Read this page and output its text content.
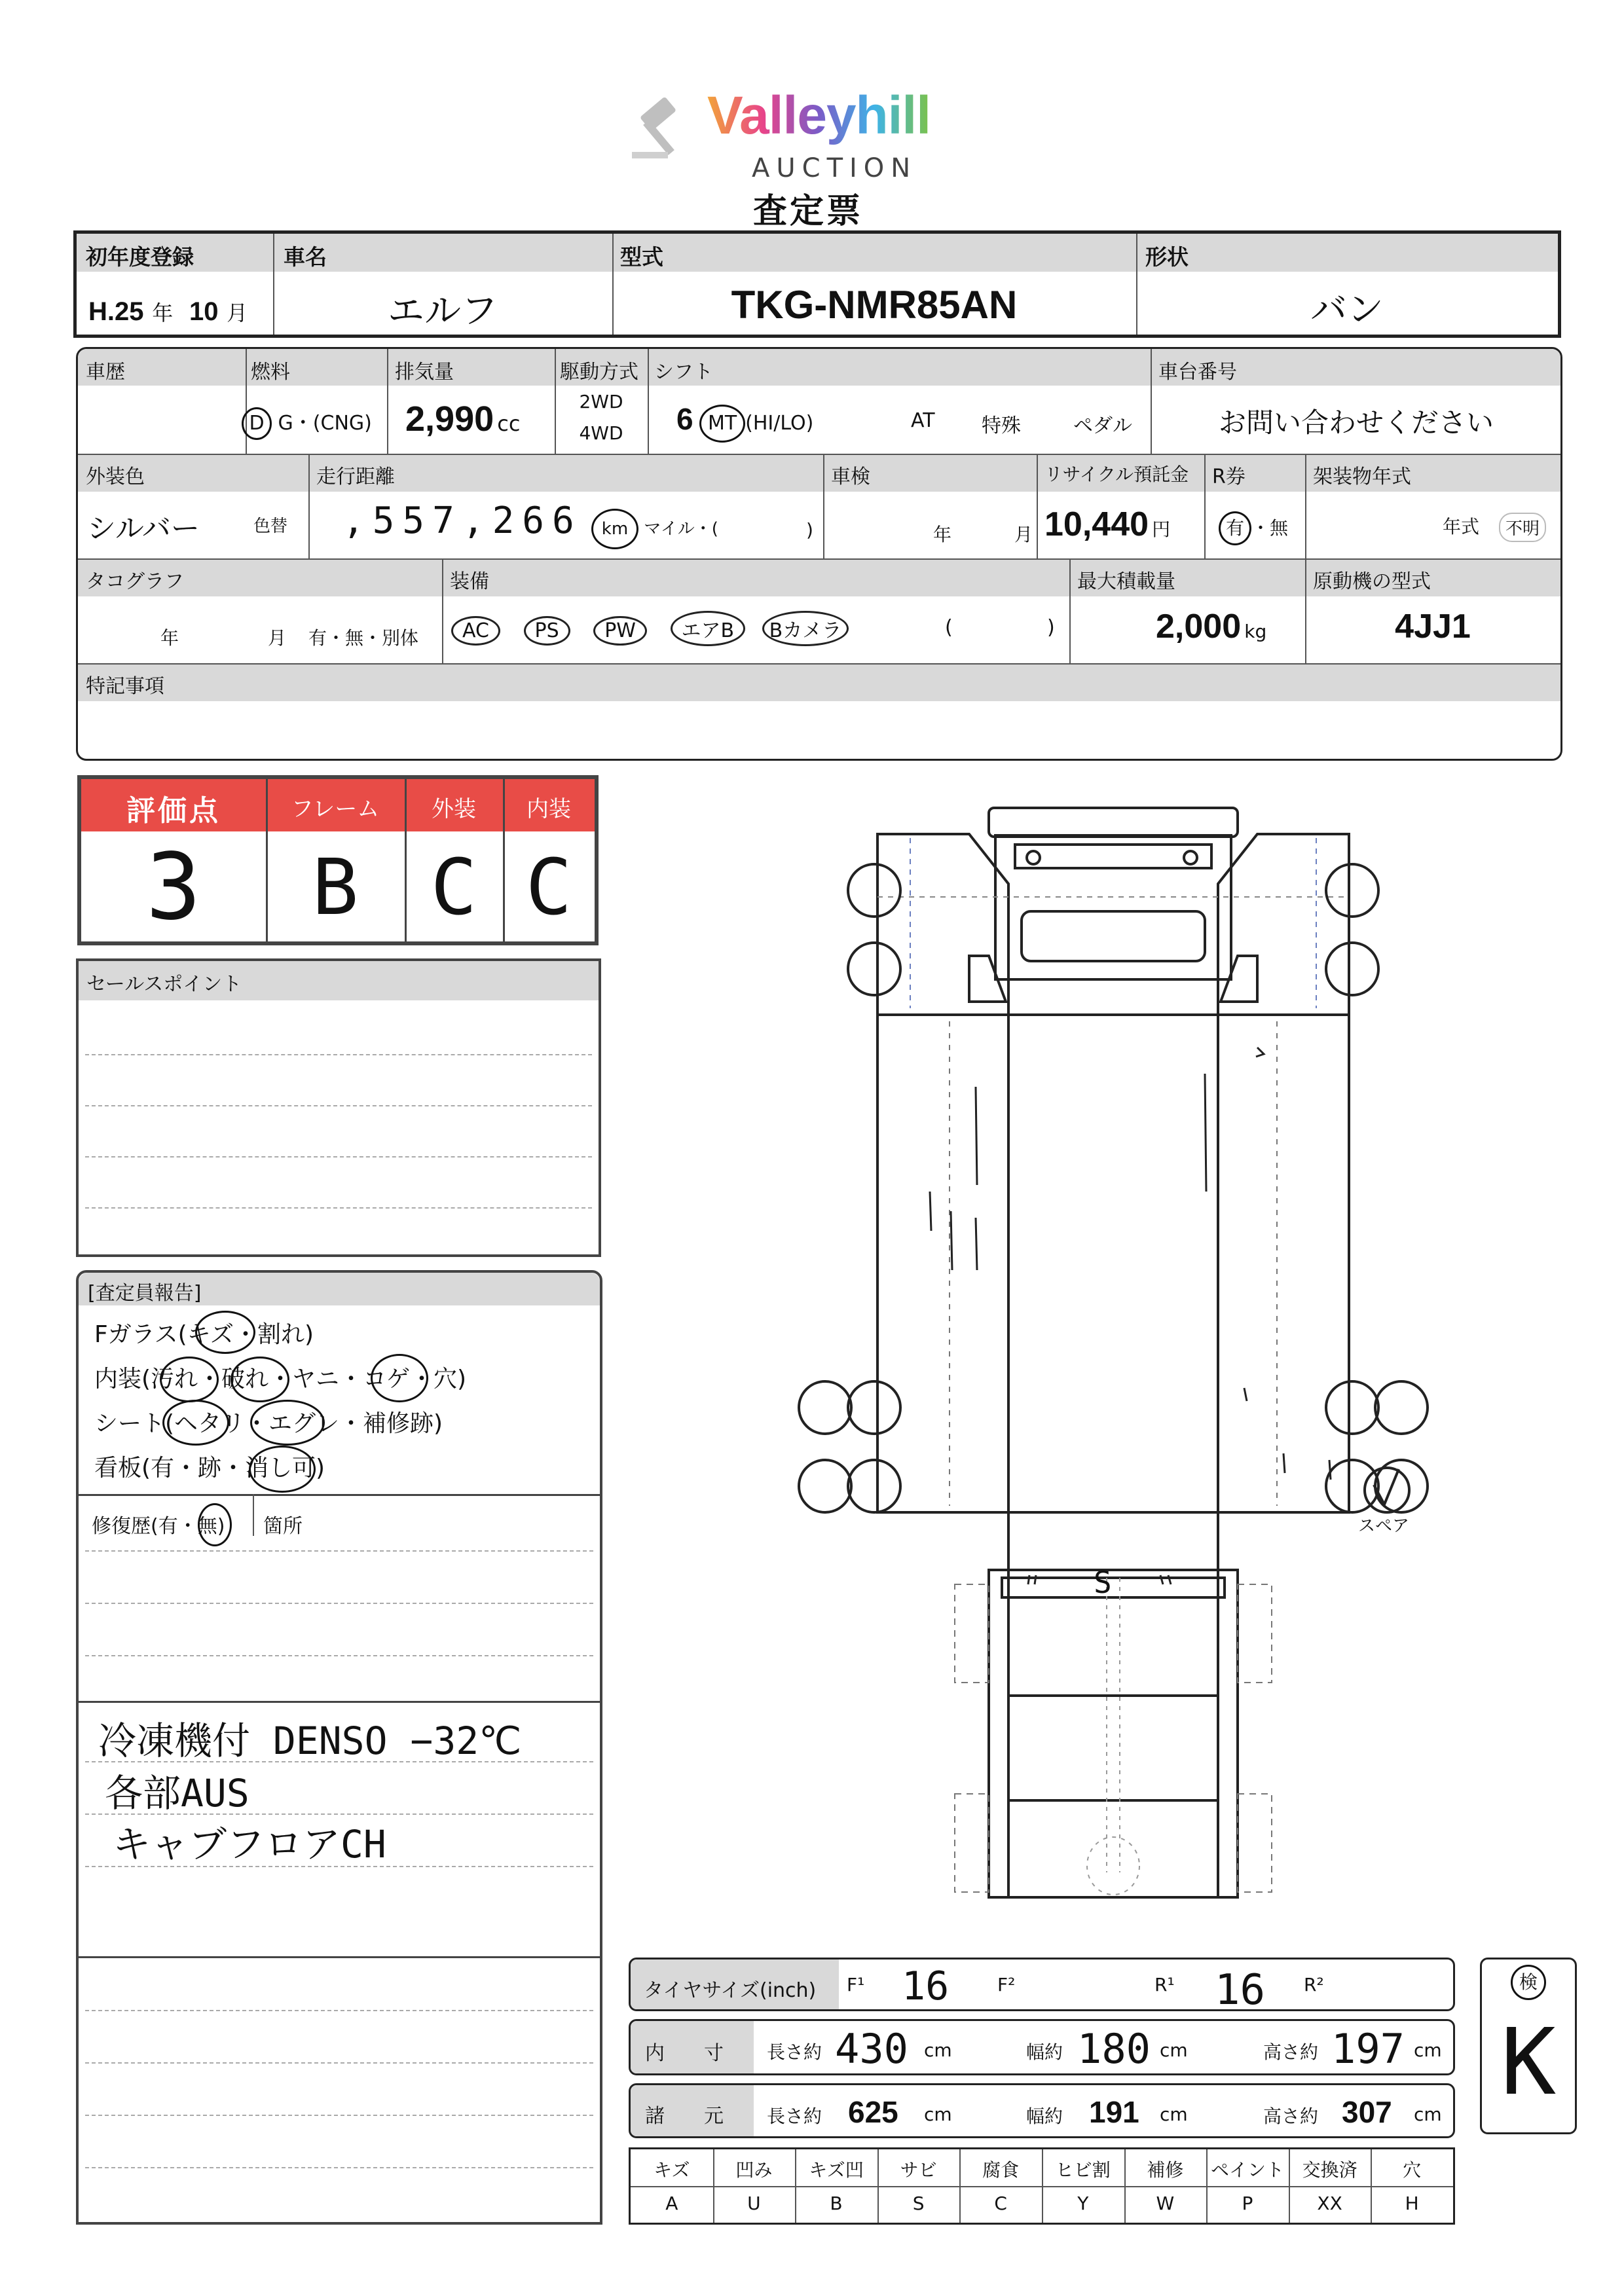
Valleyhill
AUCTION
査定票
初年度登録
H.25 年 10 月
車名
エルフ
型式
TKG-NMR85AN
形状
バン
車歴	燃料
D G・(CNG)
排気量
2,990 cc
駆動方式
2WD
4WD
シフト
6 MT (HI/LO)	AT 特殊	ペダル
車台番号
お問い合わせください
外装色
シルバー	色替
走行距離
,557,266	km マイル・(	)
車検
年	月
リサイクル預託金
10,440 円
R券
有 ・無
架装物年式
年式	不明
タコグラフ
年	月 有・無・別体
装備
AC PS PW エアB Bカメラ	(	)
最大積載量
2,000 kg
原動機の型式
4JJ1
特記事項
評価点	フレーム	外装	内装
3	B C C
セールスポイント
[査定員報告]
Fガラス(キズ・割れ)
内装(汚れ・破れ・ヤニ・コゲ・穴)
シート(ヘタリ・エグレ・補修跡)
看板(有・跡・消し可)
修復歴(有・無) 箇所
冷凍機付 DENSO −32℃
各部AUS
キャブフロアCH
スペア
S
タイヤサイズ(inch) F¹ 16	F²	R¹ 16 R²
内　　寸 長さ約 430 cm	幅約 180 cm	高さ約 197 cm
諸　　元 長さ約 625 cm	幅約 191 cm	高さ約 307 cm
キズ
A
凹み
U
キズ凹
B
サビ
S
腐食
C
ヒビ割
Y
補修
W
ペイント
P
交換済
XX
穴
H
検
K
